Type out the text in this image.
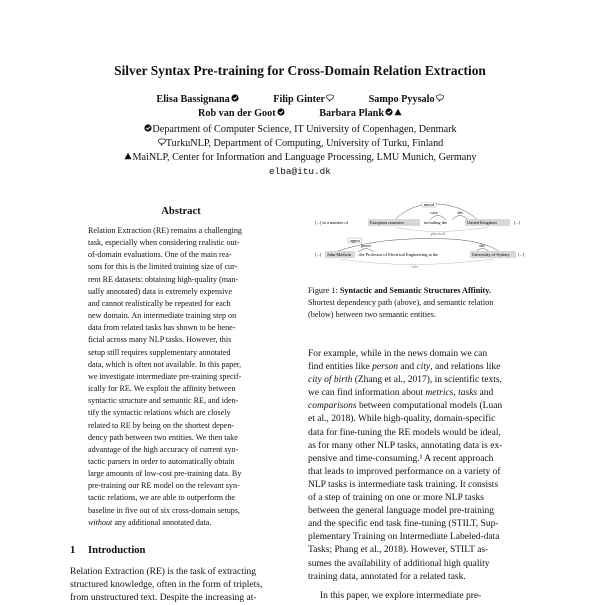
Silver Syntax Pre-training for Cross-Domain Relation Extraction
Elisa Bassignana	Filip Ginter	Sampo Pyysalo
Rob van der Goot	Barbara Plank
Department of Computer Science, IT University of Copenhagen, Denmark
TurkuNLP, Department of Computing, University of Turku, Finland
MaiNLP, Center for Information and Language Processing, LMU Munich, Germany
elba@itu.dk
Abstract
Relation Extraction (RE) remains a challenging
task, especially when considering realistic out-
of-domain evaluations. One of the main rea-
sons for this is the limited training size of cur-
rent RE datasets: obtaining high-quality (man-
ually annotated) data is extremely expensive
and cannot realistically be repeated for each
new domain. An intermediate training step on
data from related tasks has shown to be bene-
ficial across many NLP tasks. However, this
setup still requires supplementary annotated
data, which is often not available. In this paper,
we investigate intermediate pre-training specif-
ically for RE. We exploit the affinity between
syntactic structure and semantic RE, and iden-
tify the syntactic relations which are closely
related to RE by being on the shortest depen-
dency path between two entities. We then take
advantage of the high accuracy of current syn-
tactic parsers in order to automatically obtain
large amounts of low-cost pre-training data. By
pre-training our RE model on the relevant syn-
tactic relations, we are able to outperform the
baseline in five out of six cross-domain setups,
without any additional annotated data.
1 Introduction
Relation Extraction (RE) is the task of extracting
structured knowledge, often in the form of triplets,
from unstructured text. Despite the increasing at-
nmod
case	det
[...] in a number of	European countries	including the	United Kingdom	[...]
physical
appos
punct	det
[...] John Medwin , the Professor of Electrical Engineering at the	University of Sydney [...]
role
Figure 1: Syntactic and Semantic Structures Affinity.
Shortest dependency path (above), and semantic relation
(below) between two semantic entities.
For example, while in the news domain we can
find entities like person and city, and relations like
city of birth (Zhang et al., 2017), in scientific texts,
we can find information about metrics, tasks and
comparisons between computational models (Luan
et al., 2018). While high-quality, domain-specific
data for fine-tuning the RE models would be ideal,
as for many other NLP tasks, annotating data is ex-
pensive and time-consuming.¹ A recent approach
that leads to improved performance on a variety of
NLP tasks is intermediate task training. It consists
of a step of training on one or more NLP tasks
between the general language model pre-training
and the specific end task fine-tuning (STILT, Sup-
plementary Training on Intermediate Labeled-data
Tasks; Phang et al., 2018). However, STILT as-
sumes the availability of additional high quality
training data, annotated for a related task.
In this paper, we explore intermediate pre-
